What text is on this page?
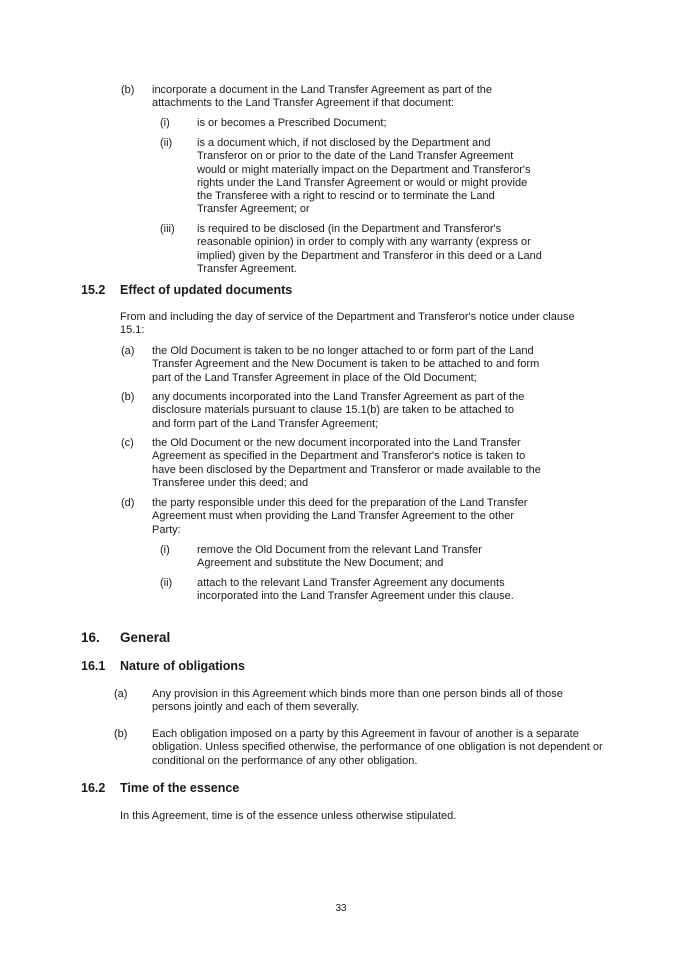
(b) incorporate a document in the Land Transfer Agreement as part of the attachments to the Land Transfer Agreement if that document:
(i) is or becomes a Prescribed Document;
(ii) is a document which, if not disclosed by the Department and Transferor on or prior to the date of the Land Transfer Agreement would or might materially impact on the Department and Transferor's rights under the Land Transfer Agreement or would or might provide the Transferee with a right to rescind or to terminate the Land Transfer Agreement; or
(iii) is required to be disclosed (in the Department and Transferor's reasonable opinion) in order to comply with any warranty (express or implied) given by the Department and Transferor in this deed or a Land Transfer Agreement.
15.2 Effect of updated documents
From and including the day of service of the Department and Transferor's notice under clause 15.1:
(a) the Old Document is taken to be no longer attached to or form part of the Land Transfer Agreement and the New Document is taken to be attached to and form part of the Land Transfer Agreement in place of the Old Document;
(b) any documents incorporated into the Land Transfer Agreement as part of the disclosure materials pursuant to clause 15.1(b) are taken to be attached to and form part of the Land Transfer Agreement;
(c) the Old Document or the new document incorporated into the Land Transfer Agreement as specified in the Department and Transferor's notice is taken to have been disclosed by the Department and Transferor or made available to the Transferee under this deed; and
(d) the party responsible under this deed for the preparation of the Land Transfer Agreement must when providing the Land Transfer Agreement to the other Party:
(i) remove the Old Document from the relevant Land Transfer Agreement and substitute the New Document; and
(ii) attach to the relevant Land Transfer Agreement any documents incorporated into the Land Transfer Agreement under this clause.
16. General
16.1 Nature of obligations
(a) Any provision in this Agreement which binds more than one person binds all of those persons jointly and each of them severally.
(b) Each obligation imposed on a party by this Agreement in favour of another is a separate obligation. Unless specified otherwise, the performance of one obligation is not dependent or conditional on the performance of any other obligation.
16.2 Time of the essence
In this Agreement, time is of the essence unless otherwise stipulated.
33
